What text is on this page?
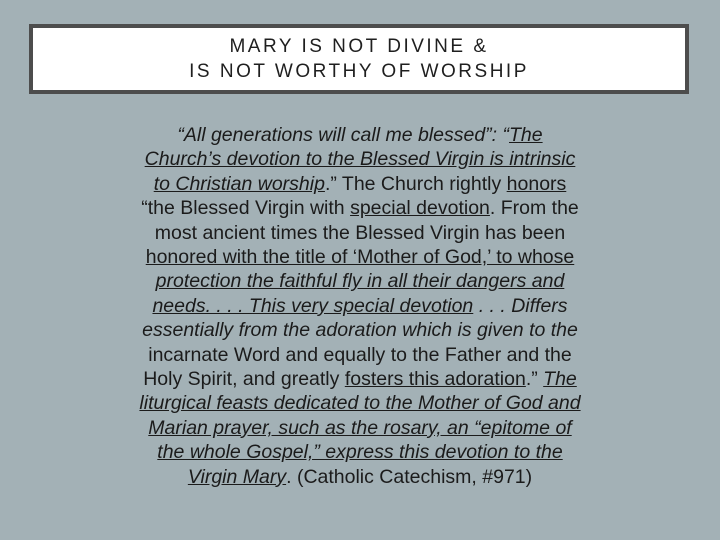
MARY IS NOT DIVINE &
IS NOT WORTHY OF WORSHIP
“All generations will call me blessed”: “The
Church’s devotion to the Blessed Virgin is intrinsic
to Christian worship.” The Church rightly honors
“the Blessed Virgin with special devotion. From the
most ancient times the Blessed Virgin has been
honored with the title of ‘Mother of God,’ to whose
protection the faithful fly in all their dangers and
needs. . . . This very special devotion . . . Differs
essentially from the adoration which is given to the
incarnate Word and equally to the Father and the
Holy Spirit, and greatly fosters this adoration.” The
liturgical feasts dedicated to the Mother of God and
Marian prayer, such as the rosary, an “epitome of
the whole Gospel,” express this devotion to the
Virgin Mary. (Catholic Catechism, #971)
